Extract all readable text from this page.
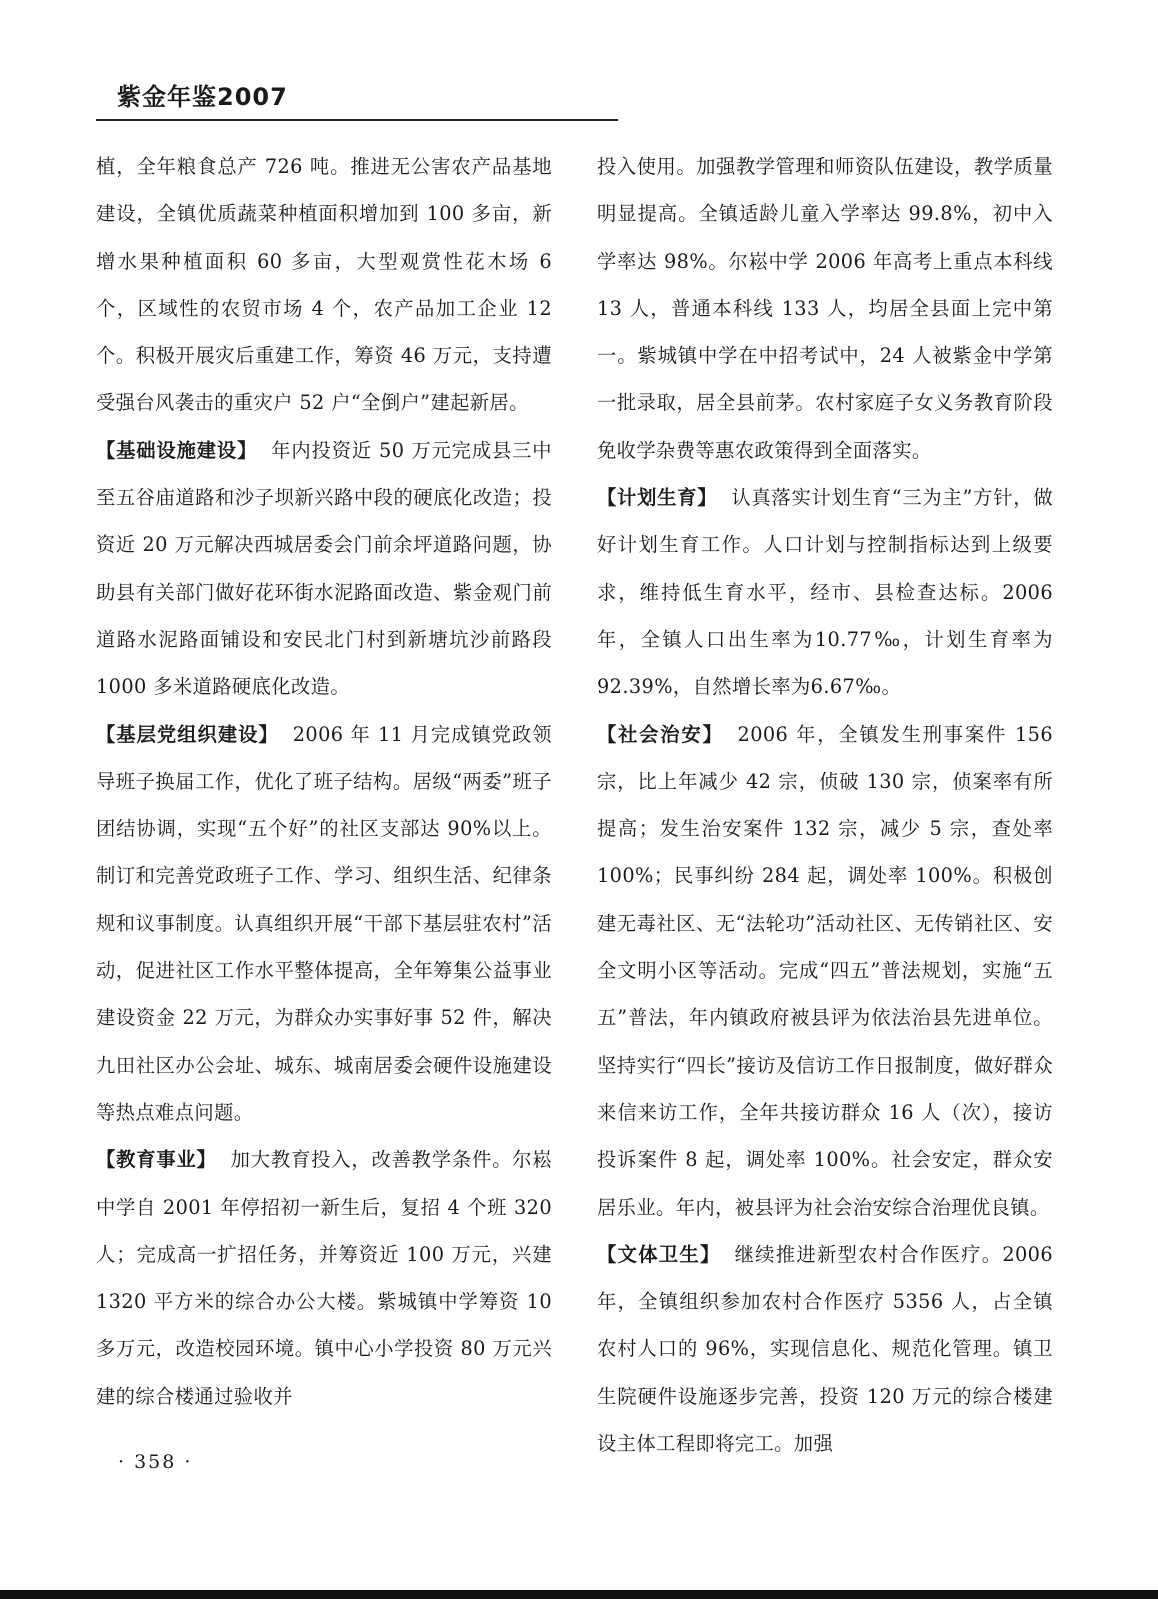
紫金年鉴2007

植，全年粮食总产 726 吨。推进无公害农产品基地建设，全镇优质蔬菜种植面积增加到 100 多亩，新增水果种植面积 60 多亩，大型观赏性花木场 6 个，区域性的农贸市场 4 个，农产品加工企业 12 个。积极开展灾后重建工作，筹资 46 万元，支持遭受强台风袭击的重灾户 52 户“全倒户”建起新居。

【基础设施建设】 年内投资近 50 万元完成县三中至五谷庙道路和沙子坝新兴路中段的硬底化改造；投资近 20 万元解决西城居委会门前余坪道路问题，协助县有关部门做好花环街水泥路面改造、紫金观门前道路水泥路面铺设和安民北门村到新塘坑沙前路段 1000 多米道路硬底化改造。

【基层党组织建设】 2006 年 11 月完成镇党政领导班子换届工作，优化了班子结构。居级“两委”班子团结协调，实现“五个好”的社区支部达 90%以上。制订和完善党政班子工作、学习、组织生活、纪律条规和议事制度。认真组织开展“干部下基层驻农村”活动，促进社区工作水平整体提高，全年筹集公益事业建设资金 22 万元，为群众办实事好事 52 件，解决九田社区办公会址、城东、城南居委会硬件设施建设等热点难点问题。

【教育事业】 加大教育投入，改善教学条件。尔崧中学自 2001 年停招初一新生后，复招 4 个班 320 人；完成高一扩招任务，并筹资近 100 万元，兴建 1320 平方米的综合办公大楼。紫城镇中学筹资 10 多万元，改造校园环境。镇中心小学投资 80 万元兴建的综合楼通过验收并

投入使用。加强教学管理和师资队伍建设，教学质量明显提高。全镇适龄儿童入学率达 99.8%，初中入学率达 98%。尔崧中学 2006 年高考上重点本科线 13 人，普通本科线 133 人，均居全县面上完中第一。紫城镇中学在中招考试中，24 人被紫金中学第一批录取，居全县前茅。农村家庭子女义务教育阶段免收学杂费等惠农政策得到全面落实。

【计划生育】 认真落实计划生育“三为主”方针，做好计划生育工作。人口计划与控制指标达到上级要求，维持低生育水平，经市、县检查达标。2006 年，全镇人口出生率为10.77‰，计划生育率为 92.39%，自然增长率为6.67‰。

【社会治安】 2006 年，全镇发生刑事案件 156 宗，比上年减少 42 宗，侦破 130 宗，侦案率有所提高；发生治安案件 132 宗，减少 5 宗，查处率 100%；民事纠纷 284 起，调处率 100%。积极创建无毒社区、无“法轮功”活动社区、无传销社区、安全文明小区等活动。完成“四五”普法规划，实施“五五”普法，年内镇政府被县评为依法治县先进单位。坚持实行“四长”接访及信访工作日报制度，做好群众来信来访工作，全年共接访群众 16 人（次），接访投诉案件 8 起，调处率 100%。社会安定，群众安居乐业。年内，被县评为社会治安综合治理优良镇。

【文体卫生】 继续推进新型农村合作医疗。2006 年，全镇组织参加农村合作医疗 5356 人，占全镇农村人口的 96%，实现信息化、规范化管理。镇卫生院硬件设施逐步完善，投资 120 万元的综合楼建设主体工程即将完工。加强

· 358 ·
